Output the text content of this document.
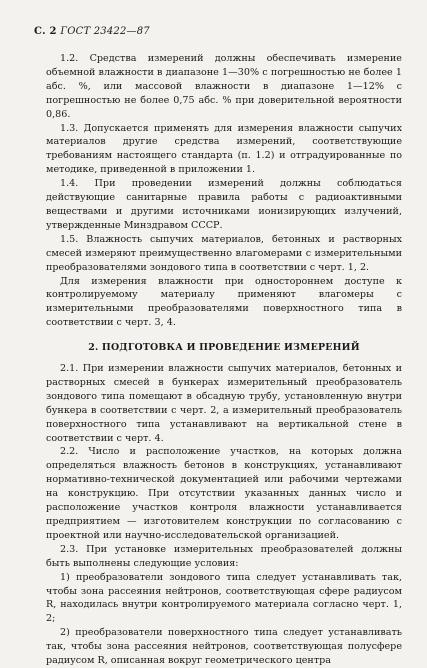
С. 2 ГОСТ 23422—87

1.2. Средства измерений должны обеспечивать измерение объемной влажности в диапазоне 1—30% с погрешностью не более 1 абс. %, или массовой влажности в диапазоне 1—12% с погрешностью не более 0,75 абс. % при доверительной вероятности 0,86.

1.3. Допускается применять для измерения влажности сыпучих материалов другие средства измерений, соответствующие требованиям настоящего стандарта (п. 1.2) и отградуированные по методике, приведенной в приложении 1.

1.4. При проведении измерений должны соблюдаться действующие санитарные правила работы с радиоактивными веществами и другими источниками ионизирующих излучений, утвержденные Минздравом СССР.

1.5. Влажность сыпучих материалов, бетонных и растворных смесей измеряют преимущественно влагомерами с измерительными преобразователями зондового типа в соответствии с черт. 1, 2.

Для измерения влажности при одностороннем доступе к контролируемому материалу применяют влагомеры с измерительными преобразователями поверхностного типа в соответствии с черт. 3, 4.

2. ПОДГОТОВКА И ПРОВЕДЕНИЕ ИЗМЕРЕНИЙ

2.1. При измерении влажности сыпучих материалов, бетонных и растворных смесей в бункерах измерительный преобразователь зондового типа помещают в обсадную трубу, установленную внутри бункера в соответствии с черт. 2, а измерительный преобразователь поверхностного типа устанавливают на вертикальной стене в соответствии с черт. 4.

2.2. Число и расположение участков, на которых должна определяться влажность бетонов в конструкциях, устанавливают нормативно-технической документацией или рабочими чертежами на конструкцию. При отсутствии указанных данных число и расположение участков контроля влажности устанавливается предприятием — изготовителем конструкции по согласованию с проектной или научно-исследовательской организацией.

2.3. При установке измерительных преобразователей должны быть выполнены следующие условия:

1) преобразователи зондового типа следует устанавливать так, чтобы зона рассеяния нейтронов, соответствующая сфере радиусом R, находилась внутри контролируемого материала согласно черт. 1, 2;

2) преобразователи поверхностного типа следует устанавливать так, чтобы зона рассеяния нейтронов, соответствующая полусфере радиусом R, описанная вокруг геометрического центра
